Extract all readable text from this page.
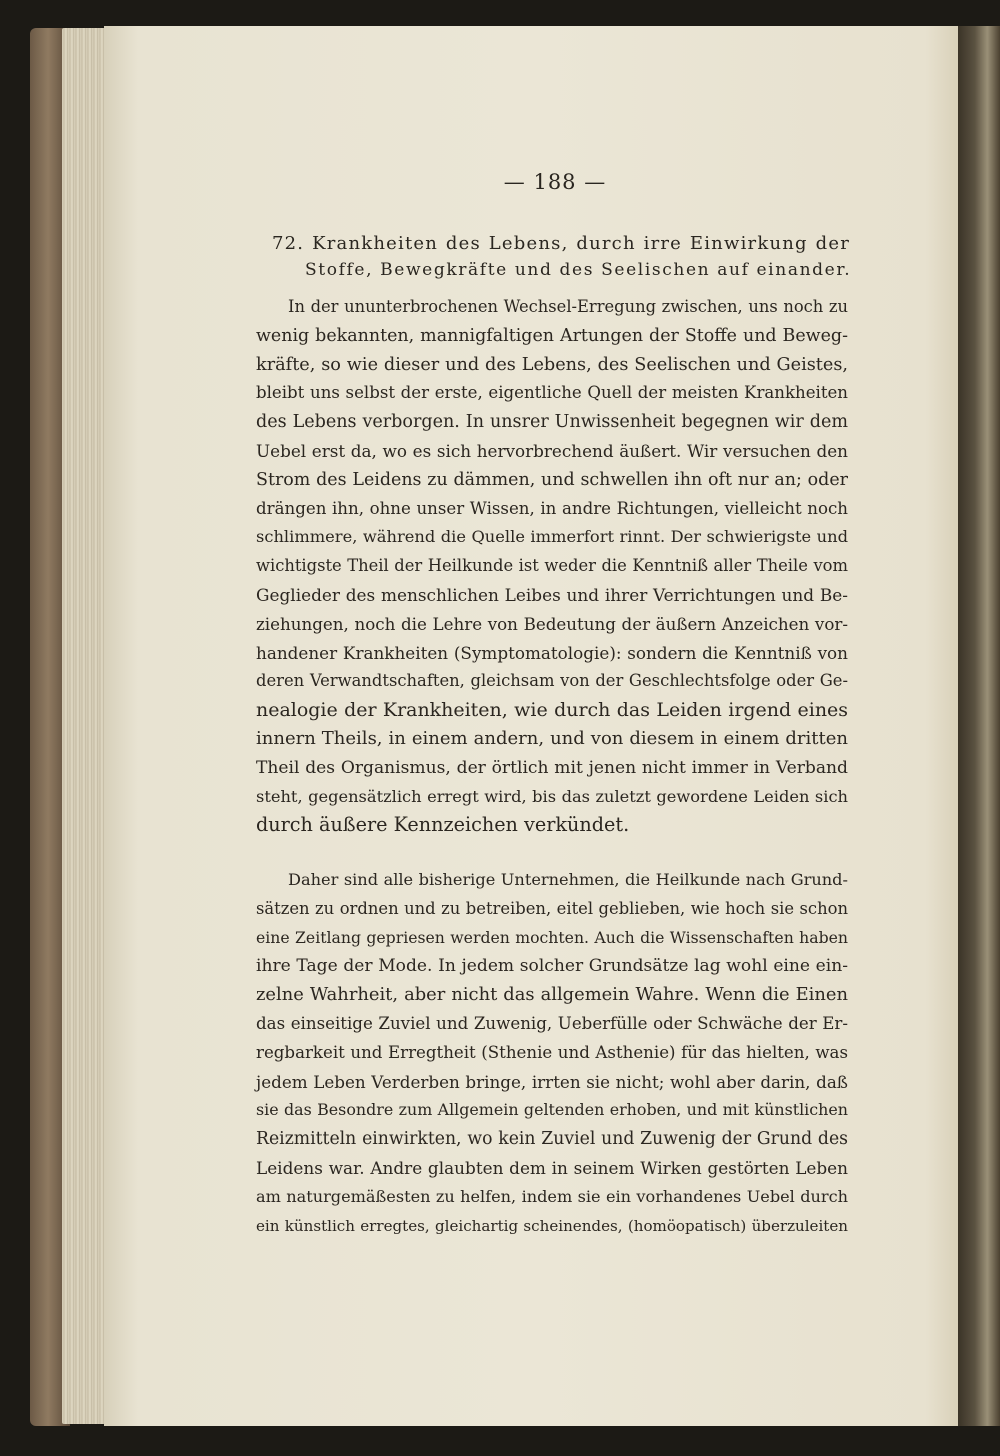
— 188 —
72. Krankheiten des Lebens, durch irre Einwirkung der
Stoffe, Bewegkräfte und des Seelischen auf einander.
In der ununterbrochenen Wechsel-Erregung zwischen, uns noch zu
wenig bekannten, mannigfaltigen Artungen der Stoffe und Beweg-
kräfte, so wie dieser und des Lebens, des Seelischen und Geistes,
bleibt uns selbst der erste, eigentliche Quell der meisten Krankheiten
des Lebens verborgen. In unsrer Unwissenheit begegnen wir dem
Uebel erst da, wo es sich hervorbrechend äußert. Wir versuchen den
Strom des Leidens zu dämmen, und schwellen ihn oft nur an; oder
drängen ihn, ohne unser Wissen, in andre Richtungen, vielleicht noch
schlimmere, während die Quelle immerfort rinnt. Der schwierigste und
wichtigste Theil der Heilkunde ist weder die Kenntniß aller Theile vom
Geglieder des menschlichen Leibes und ihrer Verrichtungen und Be-
ziehungen, noch die Lehre von Bedeutung der äußern Anzeichen vor-
handener Krankheiten (Symptomatologie): sondern die Kenntniß von
deren Verwandtschaften, gleichsam von der Geschlechtsfolge oder Ge-
nealogie der Krankheiten, wie durch das Leiden irgend eines
innern Theils, in einem andern, und von diesem in einem dritten
Theil des Organismus, der örtlich mit jenen nicht immer in Verband
steht, gegensätzlich erregt wird, bis das zuletzt gewordene Leiden sich
durch äußere Kennzeichen verkündet.
Daher sind alle bisherige Unternehmen, die Heilkunde nach Grund-
sätzen zu ordnen und zu betreiben, eitel geblieben, wie hoch sie schon
eine Zeitlang gepriesen werden mochten. Auch die Wissenschaften haben
ihre Tage der Mode. In jedem solcher Grundsätze lag wohl eine ein-
zelne Wahrheit, aber nicht das allgemein Wahre. Wenn die Einen
das einseitige Zuviel und Zuwenig, Ueberfülle oder Schwäche der Er-
regbarkeit und Erregtheit (Sthenie und Asthenie) für das hielten, was
jedem Leben Verderben bringe, irrten sie nicht; wohl aber darin, daß
sie das Besondre zum Allgemein geltenden erhoben, und mit künstlichen
Reizmitteln einwirkten, wo kein Zuviel und Zuwenig der Grund des
Leidens war. Andre glaubten dem in seinem Wirken gestörten Leben
am naturgemäßesten zu helfen, indem sie ein vorhandenes Uebel durch
ein künstlich erregtes, gleichartig scheinendes, (homöopatisch) überzuleiten
